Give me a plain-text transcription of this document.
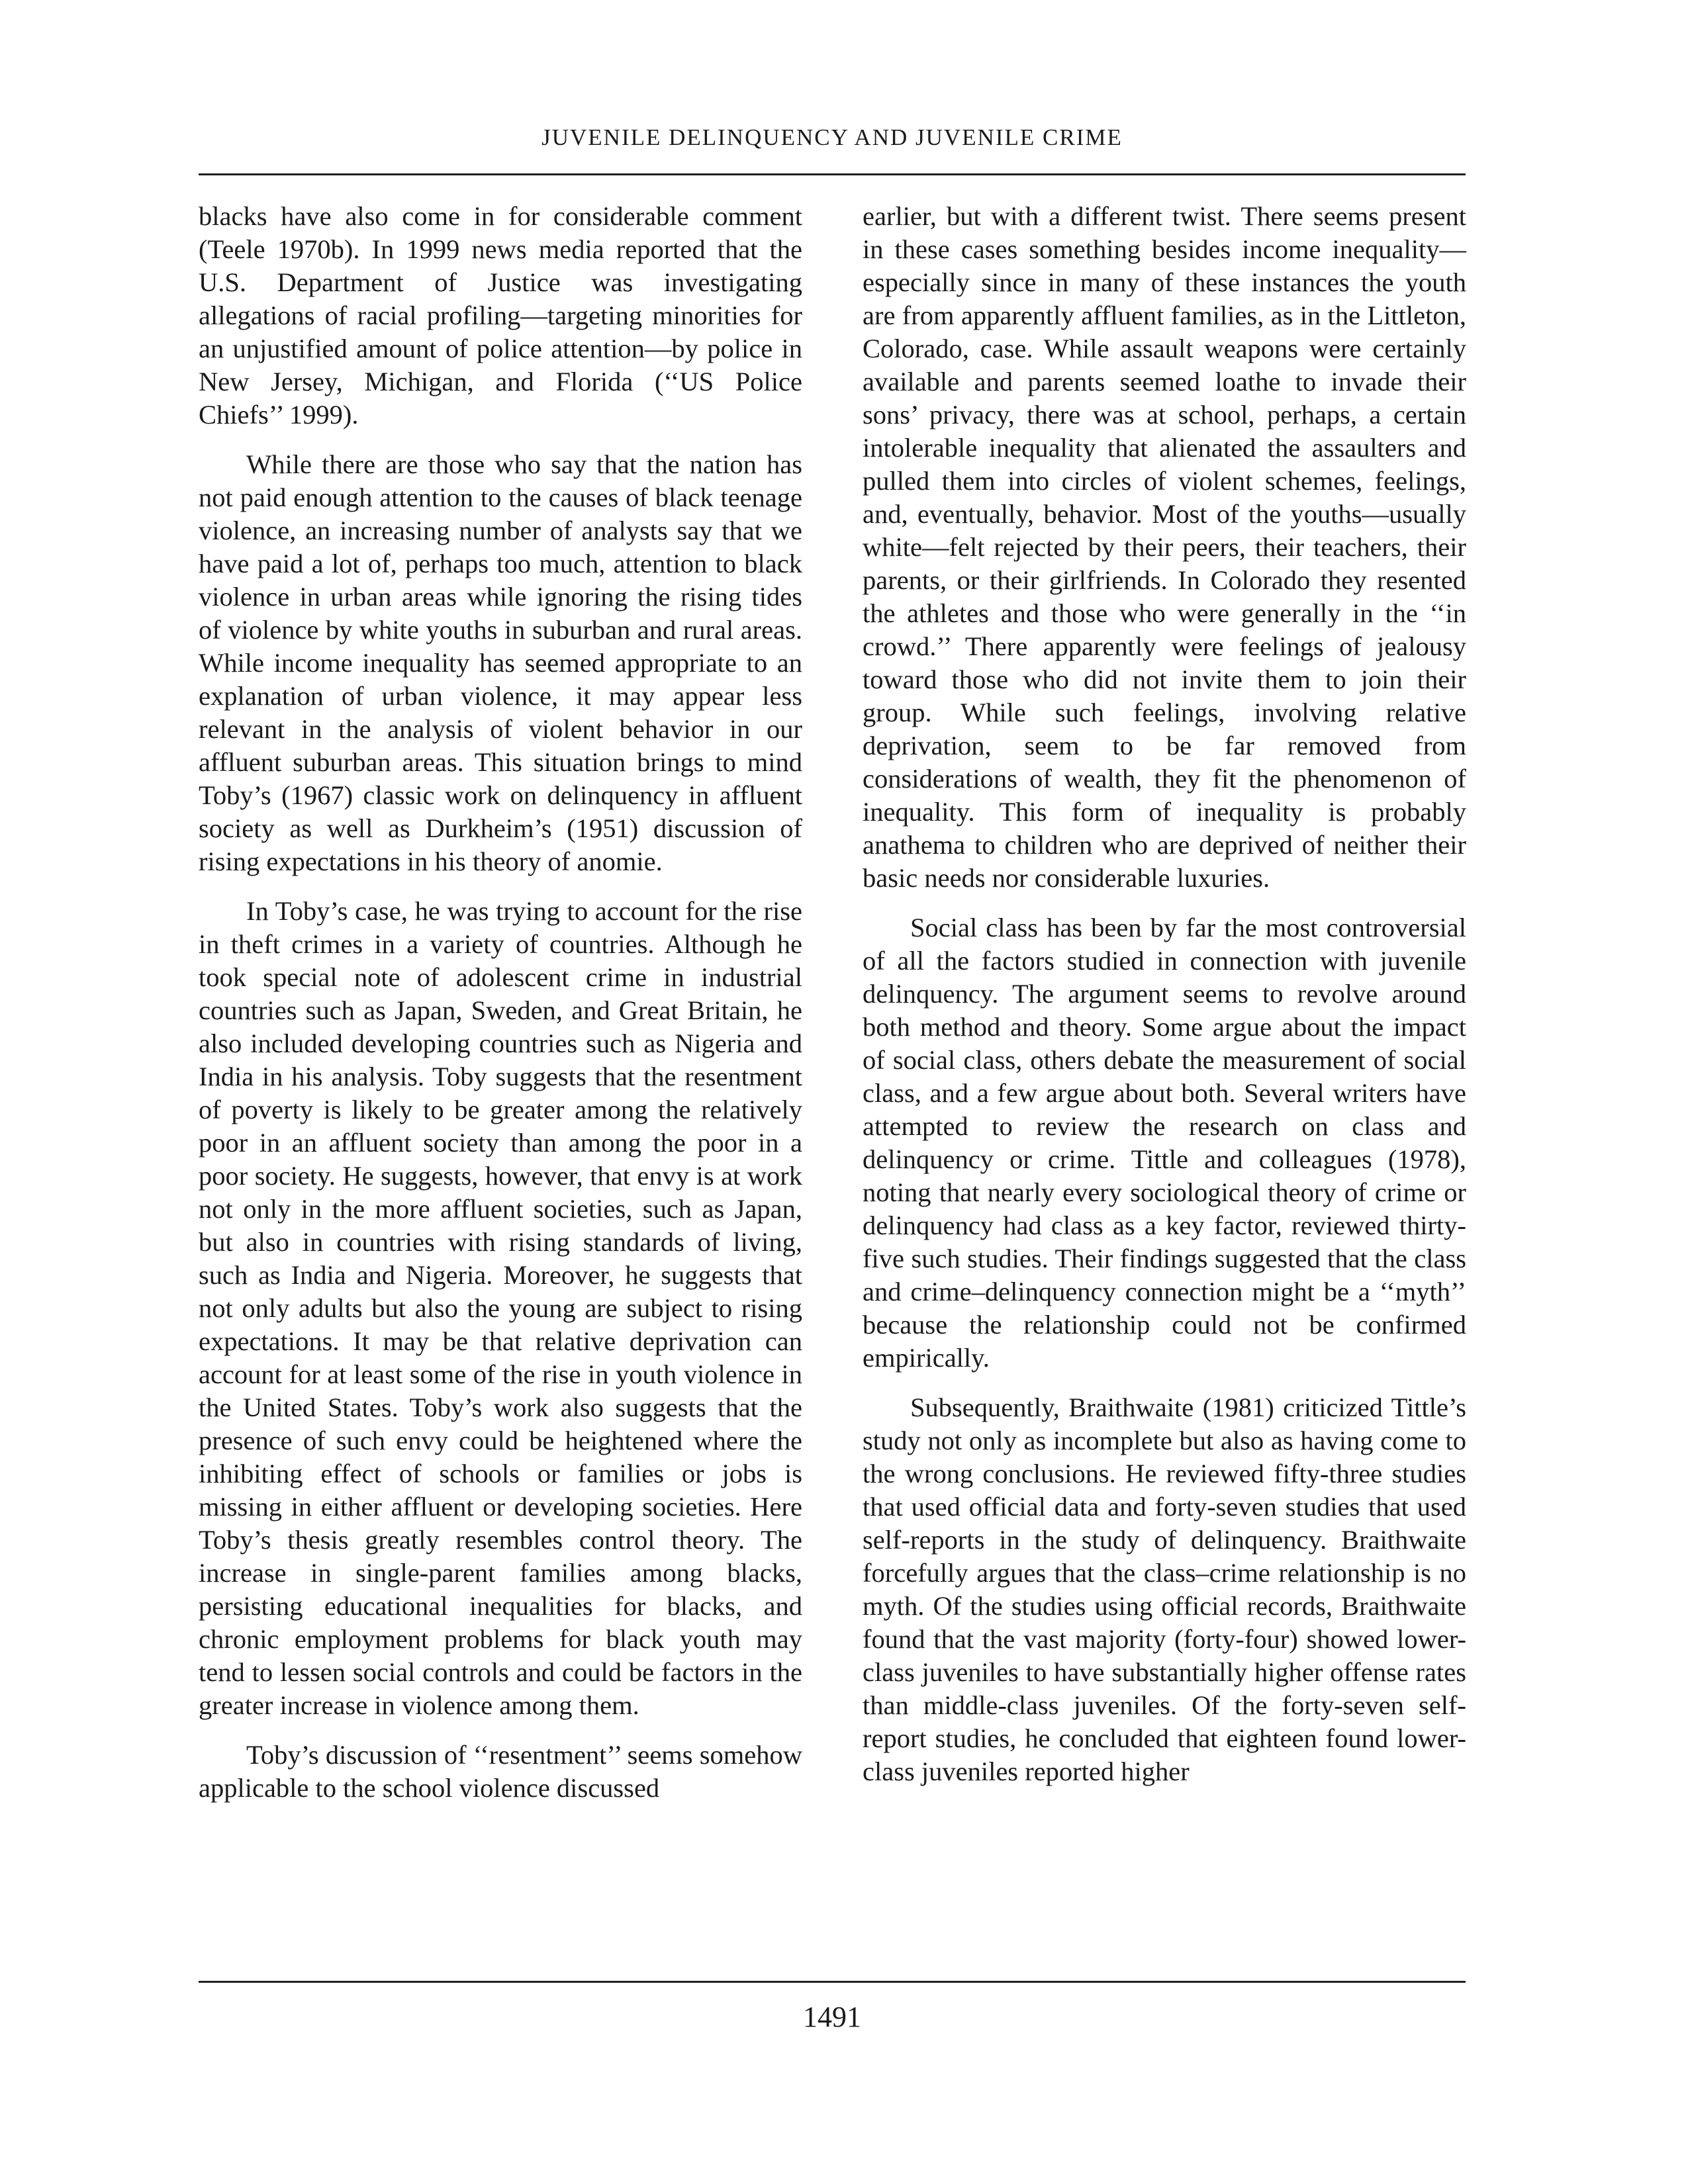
JUVENILE DELINQUENCY AND JUVENILE CRIME

blacks have also come in for considerable comment (Teele 1970b). In 1999 news media reported that the U.S. Department of Justice was investigating allegations of racial profiling—targeting minorities for an unjustified amount of police attention—by police in New Jersey, Michigan, and Florida (‘‘US Police Chiefs’’ 1999).

While there are those who say that the nation has not paid enough attention to the causes of black teenage violence, an increasing number of analysts say that we have paid a lot of, perhaps too much, attention to black violence in urban areas while ignoring the rising tides of violence by white youths in suburban and rural areas. While income inequality has seemed appropriate to an explanation of urban violence, it may appear less relevant in the analysis of violent behavior in our affluent suburban areas. This situation brings to mind Toby’s (1967) classic work on delinquency in affluent society as well as Durkheim’s (1951) discussion of rising expectations in his theory of anomie.

In Toby’s case, he was trying to account for the rise in theft crimes in a variety of countries. Although he took special note of adolescent crime in industrial countries such as Japan, Sweden, and Great Britain, he also included developing countries such as Nigeria and India in his analysis. Toby suggests that the resentment of poverty is likely to be greater among the relatively poor in an affluent society than among the poor in a poor society. He suggests, however, that envy is at work not only in the more affluent societies, such as Japan, but also in countries with rising standards of living, such as India and Nigeria. Moreover, he suggests that not only adults but also the young are subject to rising expectations. It may be that relative deprivation can account for at least some of the rise in youth violence in the United States. Toby’s work also suggests that the presence of such envy could be heightened where the inhibiting effect of schools or families or jobs is missing in either affluent or developing societies. Here Toby’s thesis greatly resembles control theory. The increase in single-parent families among blacks, persisting educational inequalities for blacks, and chronic employment problems for black youth may tend to lessen social controls and could be factors in the greater increase in violence among them.

Toby’s discussion of ‘‘resentment’’ seems somehow applicable to the school violence discussed

earlier, but with a different twist. There seems present in these cases something besides income inequality—especially since in many of these instances the youth are from apparently affluent families, as in the Littleton, Colorado, case. While assault weapons were certainly available and parents seemed loathe to invade their sons’ privacy, there was at school, perhaps, a certain intolerable inequality that alienated the assaulters and pulled them into circles of violent schemes, feelings, and, eventually, behavior. Most of the youths—usually white—felt rejected by their peers, their teachers, their parents, or their girlfriends. In Colorado they resented the athletes and those who were generally in the ‘‘in crowd.’’ There apparently were feelings of jealousy toward those who did not invite them to join their group. While such feelings, involving relative deprivation, seem to be far removed from considerations of wealth, they fit the phenomenon of inequality. This form of inequality is probably anathema to children who are deprived of neither their basic needs nor considerable luxuries.

Social class has been by far the most controversial of all the factors studied in connection with juvenile delinquency. The argument seems to revolve around both method and theory. Some argue about the impact of social class, others debate the measurement of social class, and a few argue about both. Several writers have attempted to review the research on class and delinquency or crime. Tittle and colleagues (1978), noting that nearly every sociological theory of crime or delinquency had class as a key factor, reviewed thirty-five such studies. Their findings suggested that the class and crime–delinquency connection might be a ‘‘myth’’ because the relationship could not be confirmed empirically.

Subsequently, Braithwaite (1981) criticized Tittle’s study not only as incomplete but also as having come to the wrong conclusions. He reviewed fifty-three studies that used official data and forty-seven studies that used self-reports in the study of delinquency. Braithwaite forcefully argues that the class–crime relationship is no myth. Of the studies using official records, Braithwaite found that the vast majority (forty-four) showed lower-class juveniles to have substantially higher offense rates than middle-class juveniles. Of the forty-seven self-report studies, he concluded that eighteen found lower-class juveniles reported higher

1491
